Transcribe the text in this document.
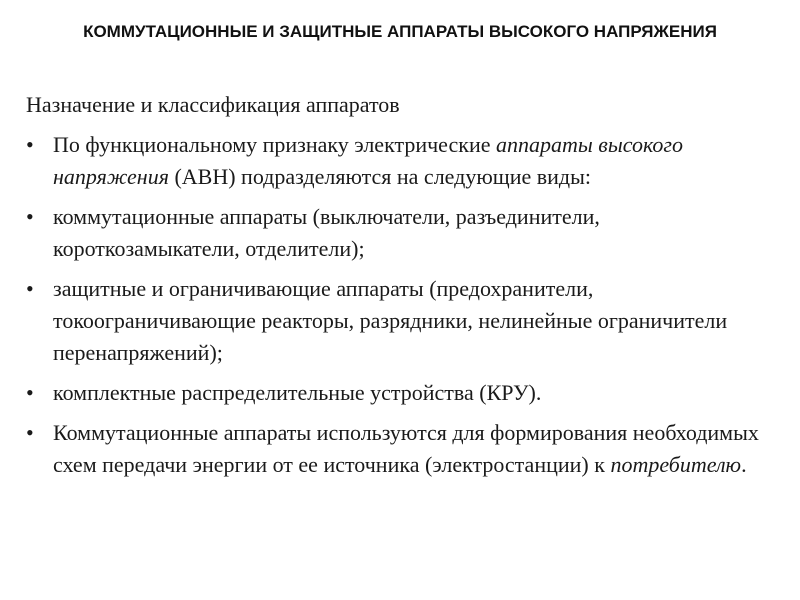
КОММУТАЦИОННЫЕ И ЗАЩИТНЫЕ АППАРАТЫ ВЫСОКОГО НАПРЯЖЕНИЯ
Назначение и классификация аппаратов
• По функциональному признаку электрические аппараты высокого напряжения (АВН) подразделяются на следующие виды:
• коммутационные аппараты (выключатели, разъединители, короткозамыкатели, отделители);
• защитные и ограничивающие аппараты (предохранители, токоограничивающие реакторы, разрядники, нелинейные ограничители перенапряжений);
• комплектные распределительные устройства (КРУ).
• Коммутационные аппараты используются для формирования необходимых схем передачи энергии от ее источника (электростанции) к потребителю.
